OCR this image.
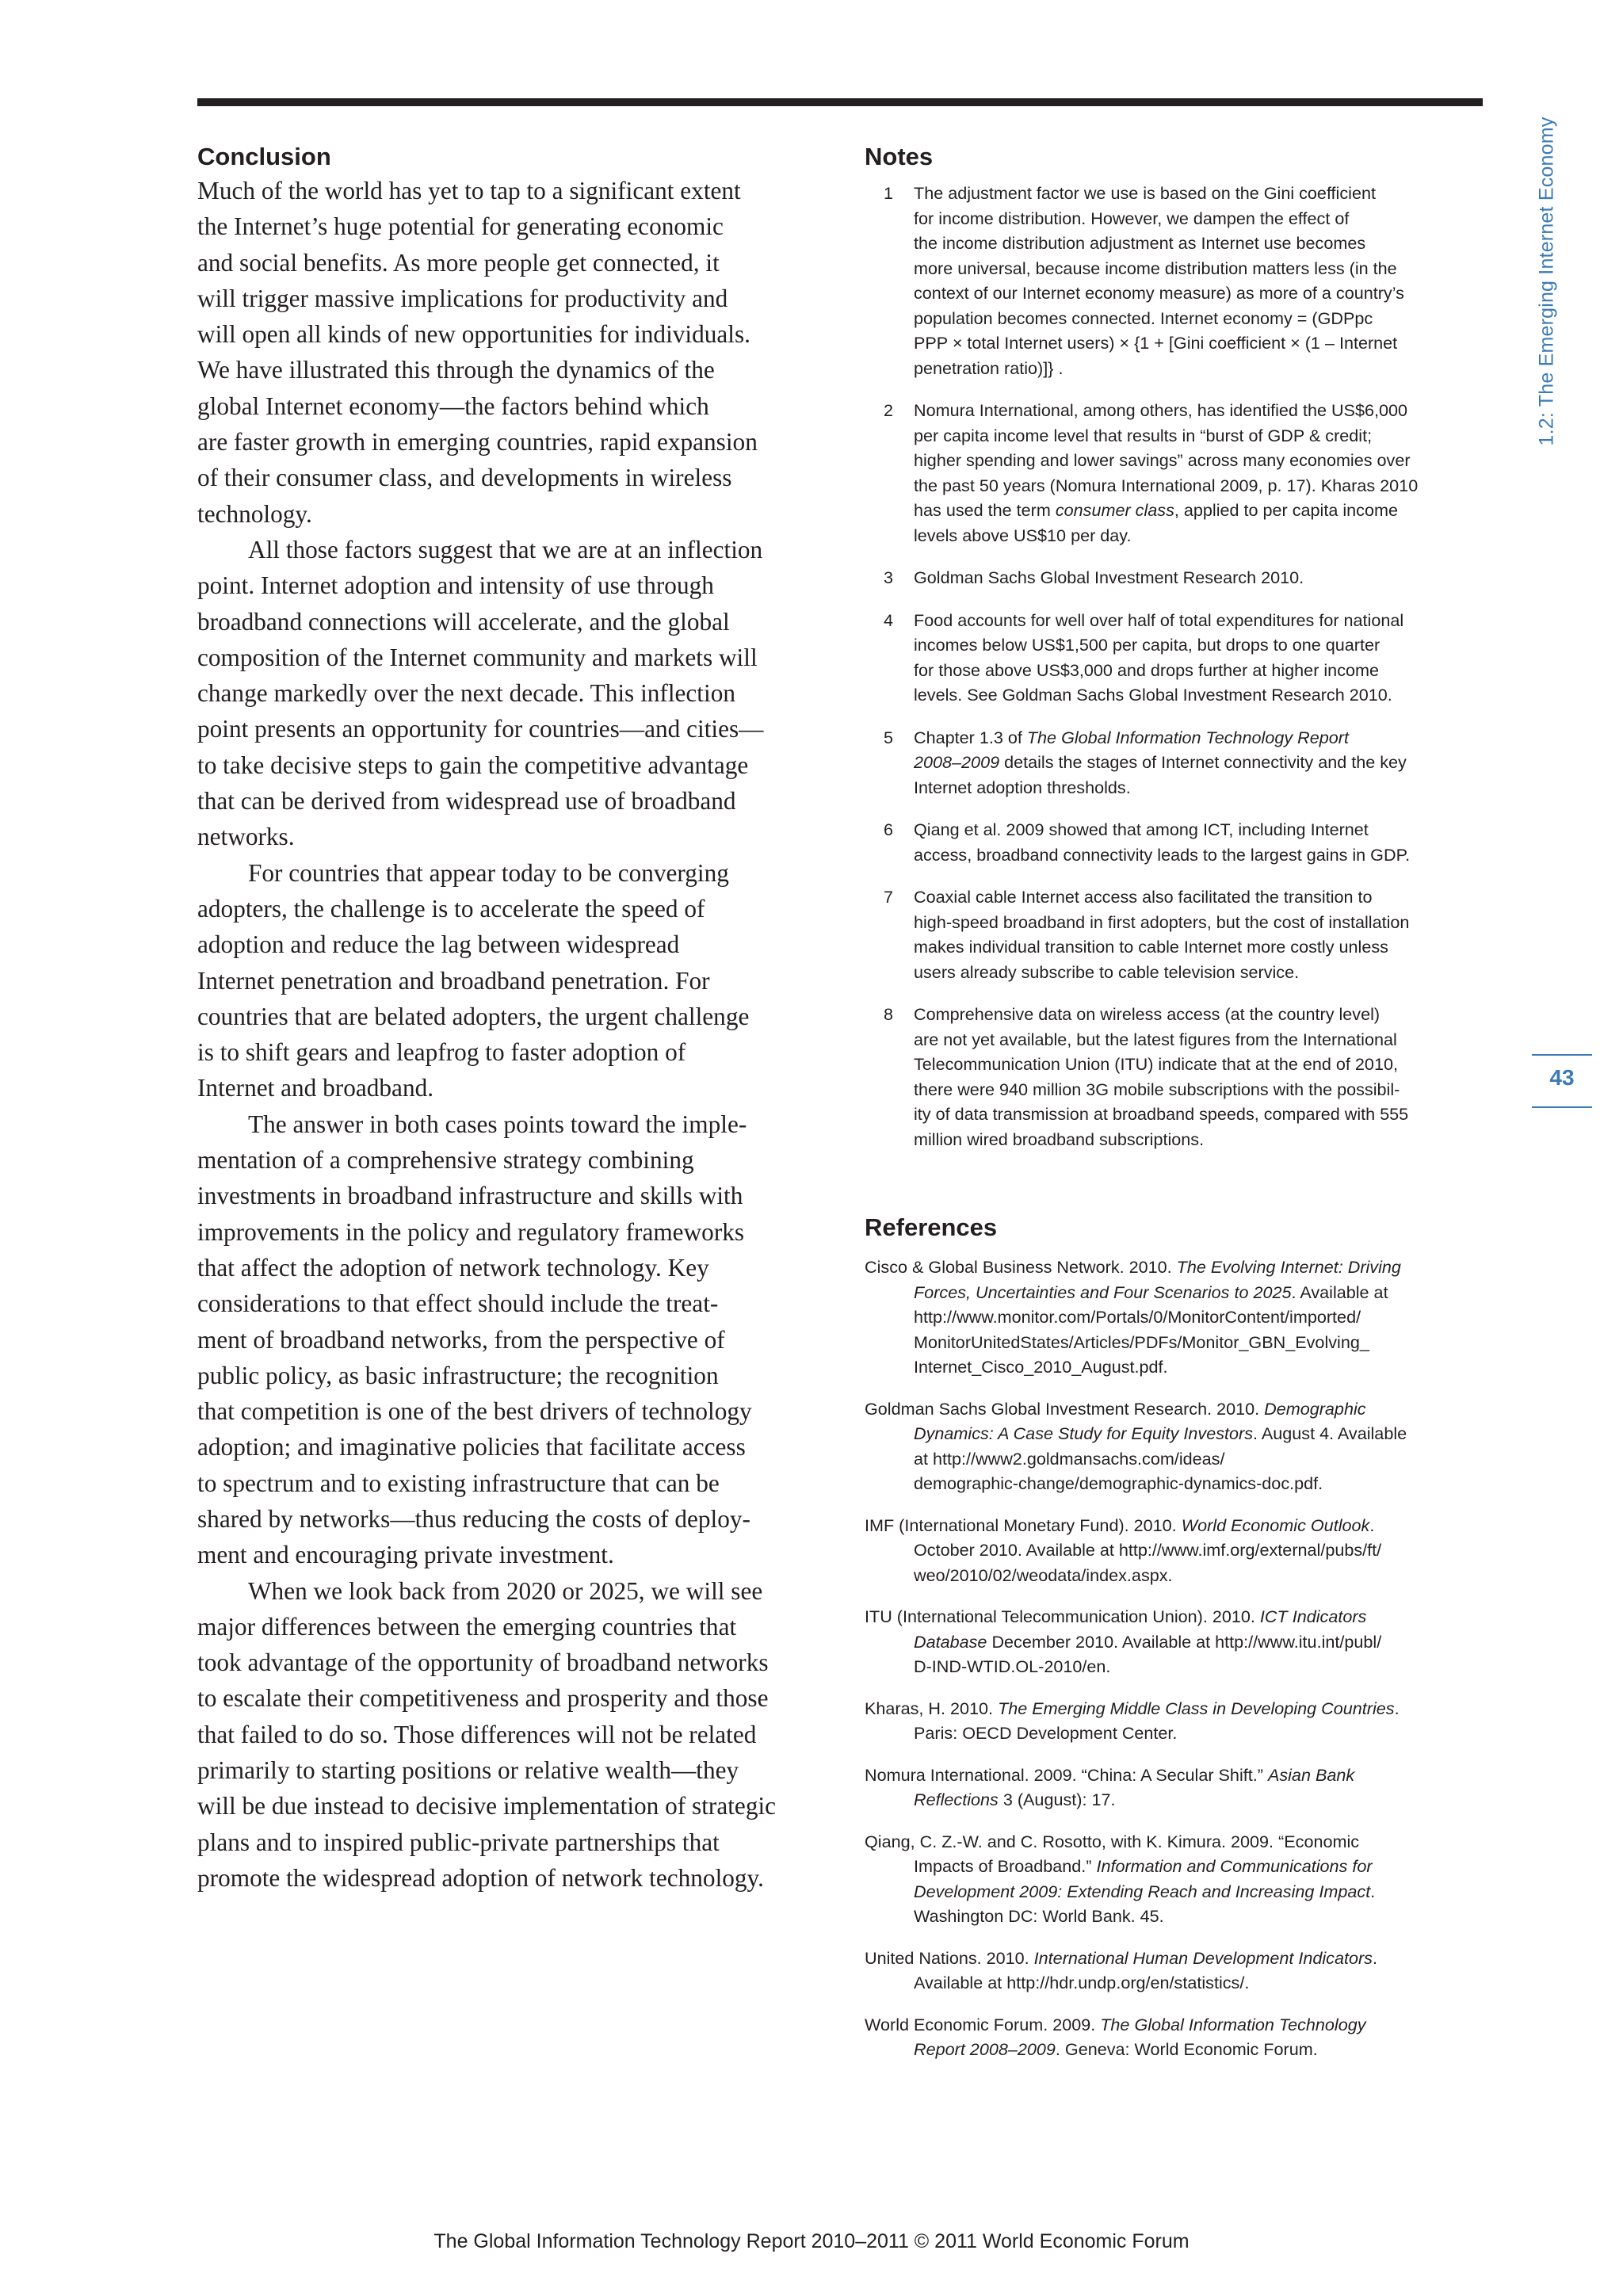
Conclusion

Much of the world has yet to tap to a significant extent
the Internet’s huge potential for generating economic
and social benefits. As more people get connected, it
will trigger massive implications for productivity and
will open all kinds of new opportunities for individuals.
We have illustrated this through the dynamics of the
global Internet economy—the factors behind which
are faster growth in emerging countries, rapid expansion
of their consumer class, and developments in wireless
technology.

All those factors suggest that we are at an inflection
point. Internet adoption and intensity of use through
broadband connections will accelerate, and the global
composition of the Internet community and markets will
change markedly over the next decade. This inflection
point presents an opportunity for countries—and cities—
to take decisive steps to gain the competitive advantage
that can be derived from widespread use of broadband
networks.

For countries that appear today to be converging
adopters, the challenge is to accelerate the speed of
adoption and reduce the lag between widespread
Internet penetration and broadband penetration. For
countries that are belated adopters, the urgent challenge
is to shift gears and leapfrog to faster adoption of
Internet and broadband.

The answer in both cases points toward the imple-
mentation of a comprehensive strategy combining
investments in broadband infrastructure and skills with
improvements in the policy and regulatory frameworks
that affect the adoption of network technology. Key
considerations to that effect should include the treat-
ment of broadband networks, from the perspective of
public policy, as basic infrastructure; the recognition
that competition is one of the best drivers of technology
adoption; and imaginative policies that facilitate access
to spectrum and to existing infrastructure that can be
shared by networks—thus reducing the costs of deploy-
ment and encouraging private investment.

When we look back from 2020 or 2025, we will see
major differences between the emerging countries that
took advantage of the opportunity of broadband networks
to escalate their competitiveness and prosperity and those
that failed to do so. Those differences will not be related
primarily to starting positions or relative wealth—they
will be due instead to decisive implementation of strategic
plans and to inspired public-private partnerships that
promote the widespread adoption of network technology.

Notes
1 The adjustment factor we use is based on the Gini coefficient
for income distribution. However, we dampen the effect of
the income distribution adjustment as Internet use becomes
more universal, because income distribution matters less (in the
context of our Internet economy measure) as more of a country’s
population becomes connected. Internet economy = (GDPpc
PPP × total Internet users) × {1 + [Gini coefficient × (1 – Internet
penetration ratio)]} .
2 Nomura International, among others, has identified the US$6,000
per capita income level that results in “burst of GDP & credit;
higher spending and lower savings” across many economies over
the past 50 years (Nomura International 2009, p. 17). Kharas 2010
has used the term consumer class, applied to per capita income
levels above US$10 per day.
3 Goldman Sachs Global Investment Research 2010.
4 Food accounts for well over half of total expenditures for national
incomes below US$1,500 per capita, but drops to one quarter
for those above US$3,000 and drops further at higher income
levels. See Goldman Sachs Global Investment Research 2010.
5 Chapter 1.3 of The Global Information Technology Report
2008–2009 details the stages of Internet connectivity and the key
Internet adoption thresholds.
6 Qiang et al. 2009 showed that among ICT, including Internet
access, broadband connectivity leads to the largest gains in GDP.
7 Coaxial cable Internet access also facilitated the transition to
high-speed broadband in first adopters, but the cost of installation
makes individual transition to cable Internet more costly unless
users already subscribe to cable television service.
8 Comprehensive data on wireless access (at the country level)
are not yet available, but the latest figures from the International
Telecommunication Union (ITU) indicate that at the end of 2010,
there were 940 million 3G mobile subscriptions with the possibil-
ity of data transmission at broadband speeds, compared with 555
million wired broadband subscriptions.
References
Cisco & Global Business Network. 2010. The Evolving Internet: Driving
Forces, Uncertainties and Four Scenarios to 2025. Available at
http://www.monitor.com/Portals/0/MonitorContent/imported/
MonitorUnitedStates/Articles/PDFs/Monitor_GBN_Evolving_
Internet_Cisco_2010_August.pdf.
Goldman Sachs Global Investment Research. 2010. Demographic
Dynamics: A Case Study for Equity Investors. August 4. Available
at http://www2.goldmansachs.com/ideas/
demographic-change/demographic-dynamics-doc.pdf.
IMF (International Monetary Fund). 2010. World Economic Outlook.
October 2010. Available at http://www.imf.org/external/pubs/ft/
weo/2010/02/weodata/index.aspx.
ITU (International Telecommunication Union). 2010. ICT Indicators
Database December 2010. Available at http://www.itu.int/publ/
D-IND-WTID.OL-2010/en.
Kharas, H. 2010. The Emerging Middle Class in Developing Countries.
Paris: OECD Development Center.
Nomura International. 2009. “China: A Secular Shift.” Asian Bank
Reflections 3 (August): 17.
Qiang, C. Z.-W. and C. Rosotto, with K. Kimura. 2009. “Economic
Impacts of Broadband.” Information and Communications for
Development 2009: Extending Reach and Increasing Impact.
Washington DC: World Bank. 45.
United Nations. 2010. International Human Development Indicators.
Available at http://hdr.undp.org/en/statistics/.
World Economic Forum. 2009. The Global Information Technology
Report 2008–2009. Geneva: World Economic Forum.
1.2: The Emerging Internet Economy
43
The Global Information Technology Report 2010–2011 © 2011 World Economic Forum
